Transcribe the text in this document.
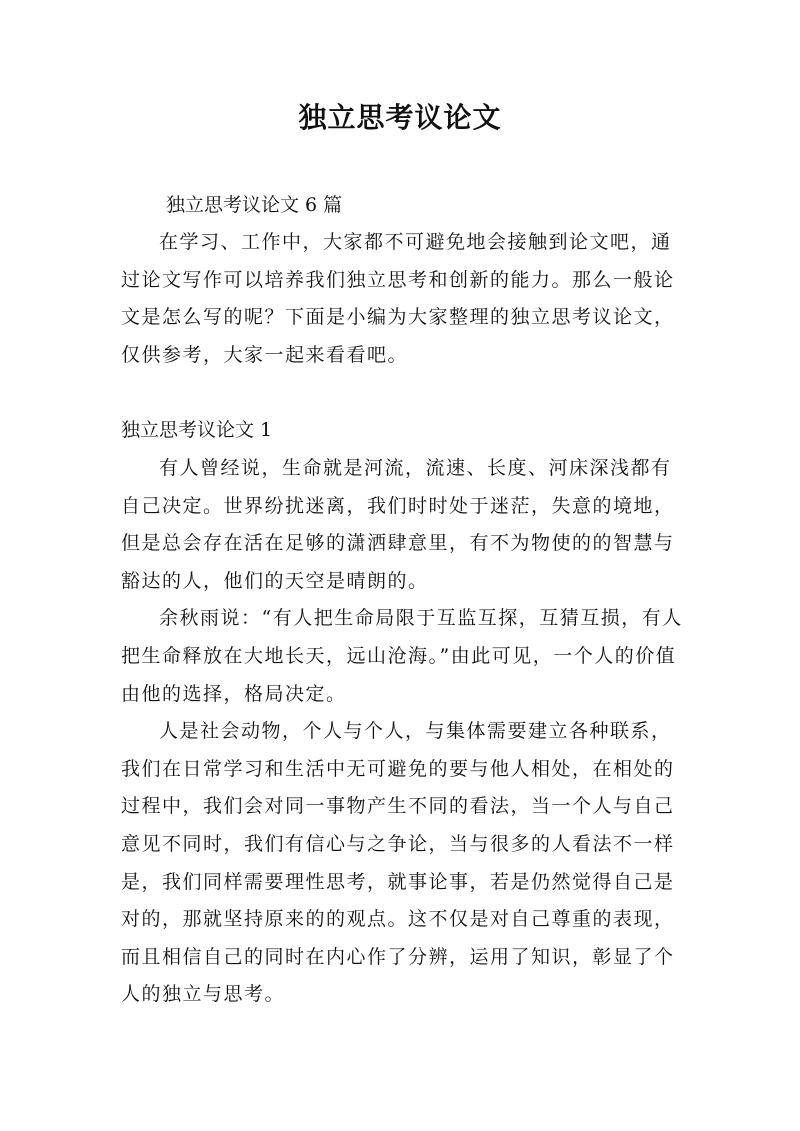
独立思考议论文
独立思考议论文 6 篇

在学习、工作中，大家都不可避免地会接触到论文吧，通过论文写作可以培养我们独立思考和创新的能力。那么一般论文是怎么写的呢？下面是小编为大家整理的独立思考议论文，仅供参考，大家一起来看看吧。

独立思考议论文 1

有人曾经说，生命就是河流，流速、长度、河床深浅都有自己决定。世界纷扰迷离，我们时时处于迷茫，失意的境地，但是总会存在活在足够的潇洒肆意里，有不为物使的的智慧与豁达的人，他们的天空是晴朗的。

余秋雨说：“有人把生命局限于互监互探，互猜互损，有人把生命释放在大地长天，远山沧海。”由此可见，一个人的价值由他的选择，格局决定。

人是社会动物，个人与个人，与集体需要建立各种联系，我们在日常学习和生活中无可避免的要与他人相处，在相处的过程中，我们会对同一事物产生不同的看法，当一个人与自己意见不同时，我们有信心与之争论，当与很多的人看法不一样是，我们同样需要理性思考，就事论事，若是仍然觉得自己是对的，那就坚持原来的的观点。这不仅是对自己尊重的表现，而且相信自己的同时在内心作了分辨，运用了知识，彰显了个人的独立与思考。
